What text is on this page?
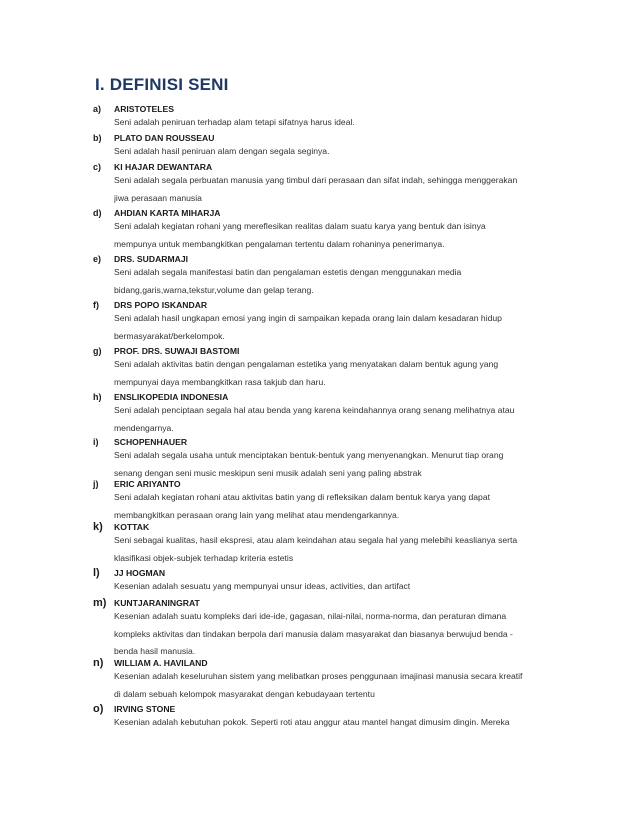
I. DEFINISI SENI
a) ARISTOTELES
Seni adalah peniruan terhadap alam tetapi sifatnya harus ideal.
b) PLATO DAN ROUSSEAU
Seni adalah hasil peniruan alam dengan segala seginya.
c) KI HAJAR DEWANTARA
Seni adalah segala perbuatan manusia yang timbul dari perasaan dan sifat indah, sehingga menggerakan
jiwa perasaan manusia
d) AHDIAN KARTA MIHARJA
Seni adalah kegiatan rohani yang mereflesikan realitas dalam suatu karya yang bentuk dan isinya
mempunya untuk membangkitkan pengalaman tertentu dalam rohaninya penerimanya.
e) DRS. SUDARMAJI
Seni adalah segala manifestasi batin dan pengalaman estetis dengan menggunakan media
bidang,garis,warna,tekstur,volume dan gelap terang.
f) DRS POPO ISKANDAR
Seni adalah hasil ungkapan emosi yang ingin di sampaikan kepada orang lain dalam kesadaran hidup
bermasyarakat/berkelompok.
g) PROF. DRS. SUWAJI BASTOMI
Seni adalah aktivitas batin dengan pengalaman estetika yang menyatakan dalam bentuk agung yang
mempunyai daya membangkitkan rasa takjub dan haru.
h) ENSLIKOPEDIA INDONESIA
Seni adalah penciptaan segala hal atau benda yang karena keindahannya orang senang melihatnya atau
mendengarnya.
i) SCHOPENHAUER
Seni adalah segala usaha untuk menciptakan bentuk-bentuk yang menyenangkan. Menurut tiap orang
senang dengan seni music meskipun seni musik adalah seni yang paling abstrak
j) ERIC ARIYANTO
Seni adalah kegiatan rohani atau aktivitas batin yang di refleksikan dalam bentuk karya yang dapat
membangkitkan perasaan orang lain yang melihat atau mendengarkannya.
k) KOTTAK
Seni sebagai kualitas, hasil ekspresi, atau alam keindahan atau segala hal yang melebihi keaslianya serta
klasifikasi objek-subjek terhadap kriteria estetis
l) JJ HOGMAN
Kesenian adalah sesuatu yang mempunyai unsur ideas, activities, dan artifact
m) KUNTJARANINGRAT
Kesenian adalah suatu kompleks dari ide-ide, gagasan, nilai-nilai, norma-norma, dan peraturan dimana
kompleks aktivitas dan tindakan berpola dari manusia dalam masyarakat dan biasanya berwujud benda -
benda hasil manusia.
n) WILLIAM A. HAVILAND
Kesenian adalah keseluruhan sistem yang melibatkan proses penggunaan imajinasi manusia secara kreatif
di dalam sebuah kelompok masyarakat dengan kebudayaan tertentu
o) IRVING STONE
Kesenian adalah kebutuhan pokok. Seperti roti atau anggur atau mantel hangat dimusim dingin. Mereka
